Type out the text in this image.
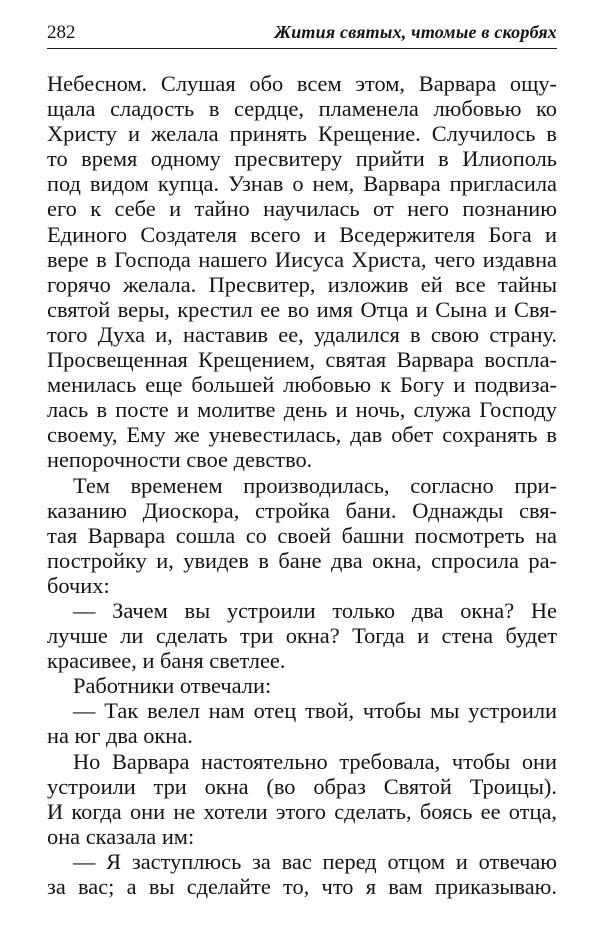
282	Жития святых, чтомые в скорбях
Небесном. Слушая обо всем этом, Варвара ощу-
щала сладость в сердце, пламенела любовью ко
Христу и желала принять Крещение. Случилось в
то время одному пресвитеру прийти в Илиополь
под видом купца. Узнав о нем, Варвара пригласила
его к себе и тайно научилась от него познанию
Единого Создателя всего и Вседержителя Бога и
вере в Господа нашего Иисуса Христа, чего издавна
горячо желала. Пресвитер, изложив ей все тайны
святой веры, крестил ее во имя Отца и Сына и Свя-
того Духа и, наставив ее, удалился в свою страну.
Просвещенная Крещением, святая Варвара воспла-
менилась еще большей любовью к Богу и подвиза-
лась в посте и молитве день и ночь, служа Господу
своему, Ему же уневестилась, дав обет сохранять в
непорочности свое девство.
Тем временем производилась, согласно при-
казанию Диоскора, стройка бани. Однажды свя-
тая Варвара сошла со своей башни посмотреть на
постройку и, увидев в бане два окна, спросила ра-
бочих:
— Зачем вы устроили только два окна? Не
лучше ли сделать три окна? Тогда и стена будет
красивее, и баня светлее.
Работники отвечали:
— Так велел нам отец твой, чтобы мы устроили
на юг два окна.
Но Варвара настоятельно требовала, чтобы они
устроили три окна (во образ Святой Троицы).
И когда они не хотели этого сделать, боясь ее отца,
она сказала им:
— Я заступлюсь за вас перед отцом и отвечаю
за вас; а вы сделайте то, что я вам приказываю.
